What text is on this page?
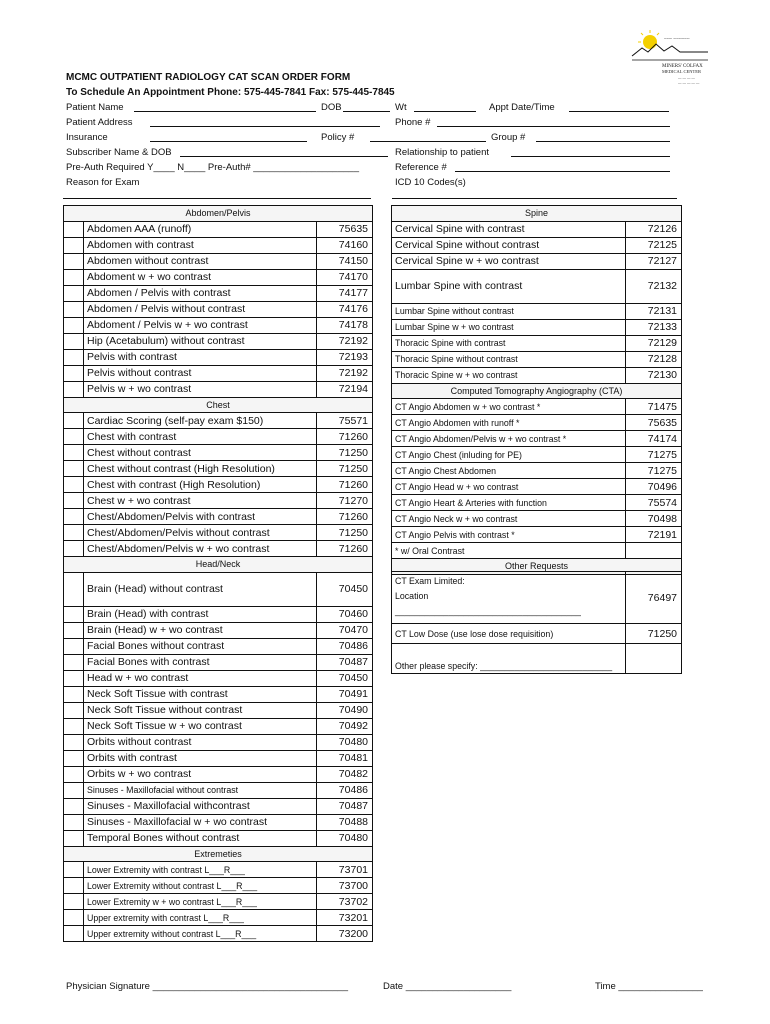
~~~ ~~~~~~
MINERS' COLFAX
MEDICAL CENTER
— — — —
— — — — —
MCMC OUTPATIENT RADIOLOGY CAT SCAN ORDER FORM
To Schedule An Appointment Phone: 575-445-7841 Fax: 575-445-7845
Patient Name	DOB	Wt	Appt Date/Time
Patient Address	Phone #
Insurance	Policy #	Group #
Subscriber Name & DOB	Relationship to patient
Pre-Auth Required Y____ N____ Pre-Auth# ____________________	Reference #
Reason for Exam	ICD 10 Codes(s)
Abdomen/Pelvis		
	Abdomen AAA (runoff)	75635
	Abdomen with contrast	74160
	Abdomen without contrast	74150
	Abdoment w + wo contrast	74170
	Abdomen / Pelvis with contrast	74177
	Abdomen / Pelvis without contrast	74176
	Abdoment / Pelvis w + wo contrast	74178
	Hip (Acetabulum) without contrast	72192
	Pelvis with contrast	72193
	Pelvis without contrast	72192
	Pelvis w + wo contrast	72194
Chest		
	Cardiac Scoring (self-pay exam $150)	75571
	Chest with contrast	71260
	Chest without contrast	71250
	Chest without contrast (High Resolution)	71250
	Chest with contrast (High Resolution)	71260
	Chest w + wo contrast	71270
	Chest/Abdomen/Pelvis with contrast	71260
	Chest/Abdomen/Pelvis without contrast	71250
	Chest/Abdomen/Pelvis w + wo contrast	71260
Head/Neck		
	Brain (Head) without contrast	70450
	Brain (Head) with contrast	70460
	Brain (Head) w + wo contrast	70470
	Facial Bones without contrast	70486
	Facial Bones with contrast	70487
	Head w + wo contrast	70450
	Neck Soft Tissue with contrast	70491
	Neck Soft Tissue without contrast	70490
	Neck Soft Tissue w + wo contrast	70492
	Orbits without contrast	70480
	Orbits with contrast	70481
	Orbits w + wo contrast	70482
	Sinuses - Maxillofacial without contrast	70486
	Sinuses - Maxillofacial withcontrast	70487
	Sinuses - Maxillofacial w + wo contrast	70488
	Temporal Bones without contrast	70480
Extremeties		
	Lower Extremity with contrast L___R___	73701
	Lower Extremity without contrast L___R___	73700
	Lower Extremity w + wo contrast L___R___	73702
	Upper extremity with contrast L___R___	73201
	Upper extremity without contrast L___R___	73200
Spine	
Cervical Spine with contrast	72126
Cervical Spine without contrast	72125
Cervical Spine w + wo contrast	72127
Lumbar Spine with contrast	72132
Lumbar Spine without contrast	72131
Lumbar Spine w + wo contrast	72133
Thoracic Spine with contrast	72129
Thoracic Spine without contrast	72128
Thoracic Spine w + wo contrast	72130
Computed Tomography Angiography (CTA)	
CT Angio Abdomen w + wo contrast *	71475
CT Angio Abdomen with runoff *	75635
CT Angio Abdomen/Pelvis w + wo contrast *	74174
CT Angio Chest (inluding for PE)	71275
CT Angio Chest Abdomen	71275
CT Angio Head w + wo contrast	70496
CT Angio Heart & Arteries with function	75574
CT Angio Neck w + wo contrast	70498
CT Angio Pelvis with contrast *	72191
* w/ Oral Contrast	
Other Requests	
CT Exam Limited:
Location
______________________________________	76497
CT Low Dose (use lose dose requisition)	71250
Other please specify: ___________________________	
Physician Signature _____________________________________	Date ____________________	Time ________________
